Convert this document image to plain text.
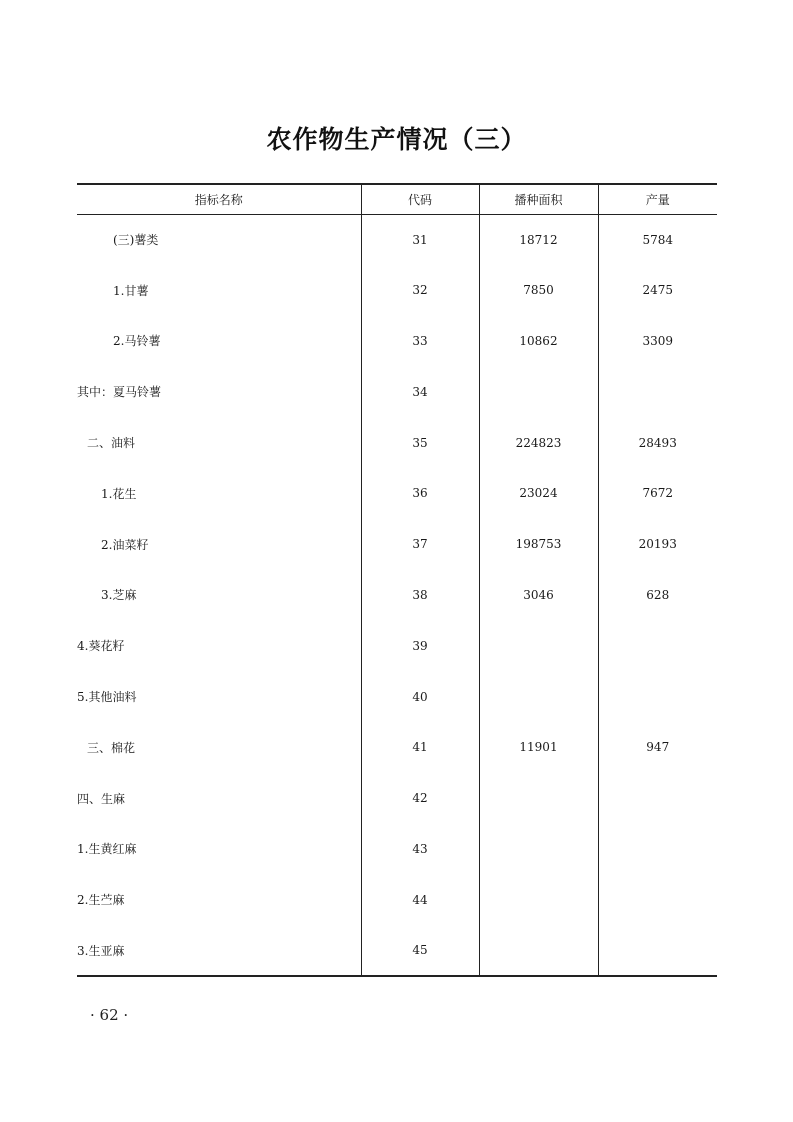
农作物生产情况（三）
指标名称	代码	播种面积	产量
(三)薯类	31	18712	5784
1.甘薯	32	7850	2475
2.马铃薯	33	10862	3309
其中：夏马铃薯	34		
二、油料	35	224823	28493
1.花生	36	23024	7672
2.油菜籽	37	198753	20193
3.芝麻	38	3046	628
4.葵花籽	39		
5.其他油料	40		
三、棉花	41	11901	947
四、生麻	42		
1.生黄红麻	43		
2.生苎麻	44		
3.生亚麻	45		
· 62 ·
